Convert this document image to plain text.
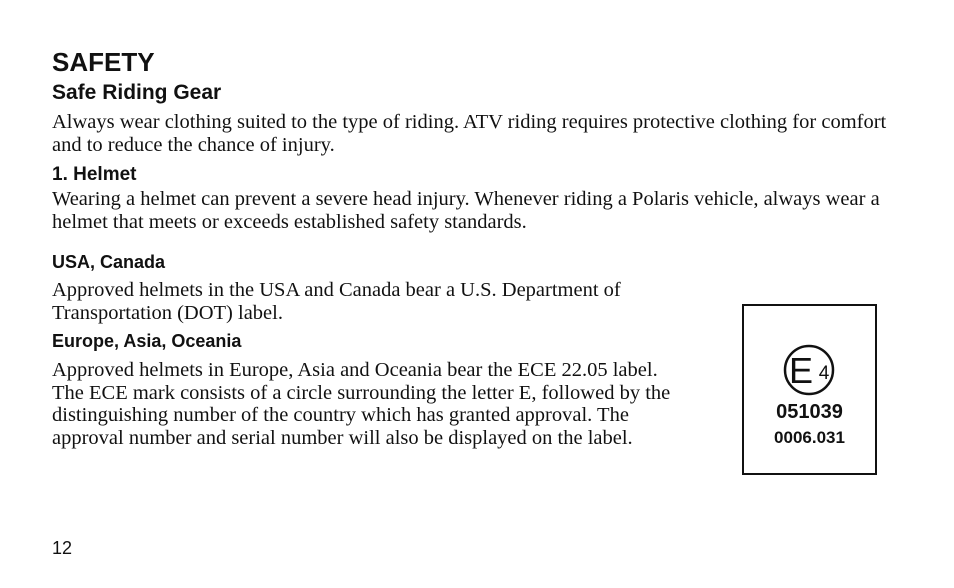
SAFETY
Safe Riding Gear

Always wear clothing suited to the type of riding. ATV riding requires protective clothing for comfort and to reduce the chance of injury.

1. Helmet

Wearing a helmet can prevent a severe head injury. Whenever riding a Polaris vehicle, always wear a helmet that meets or exceeds established safety standards.

USA, Canada

Approved helmets in the USA and Canada bear a U.S. Department of Transportation (DOT) label.

Europe, Asia, Oceania

Approved helmets in Europe, Asia and Oceania bear the ECE 22.05 label. The ECE mark consists of a circle surrounding the letter E, followed by the distinguishing number of the country which has granted approval. The approval number and serial number will also be displayed on the label.

E 4
051039
0006.031
12
